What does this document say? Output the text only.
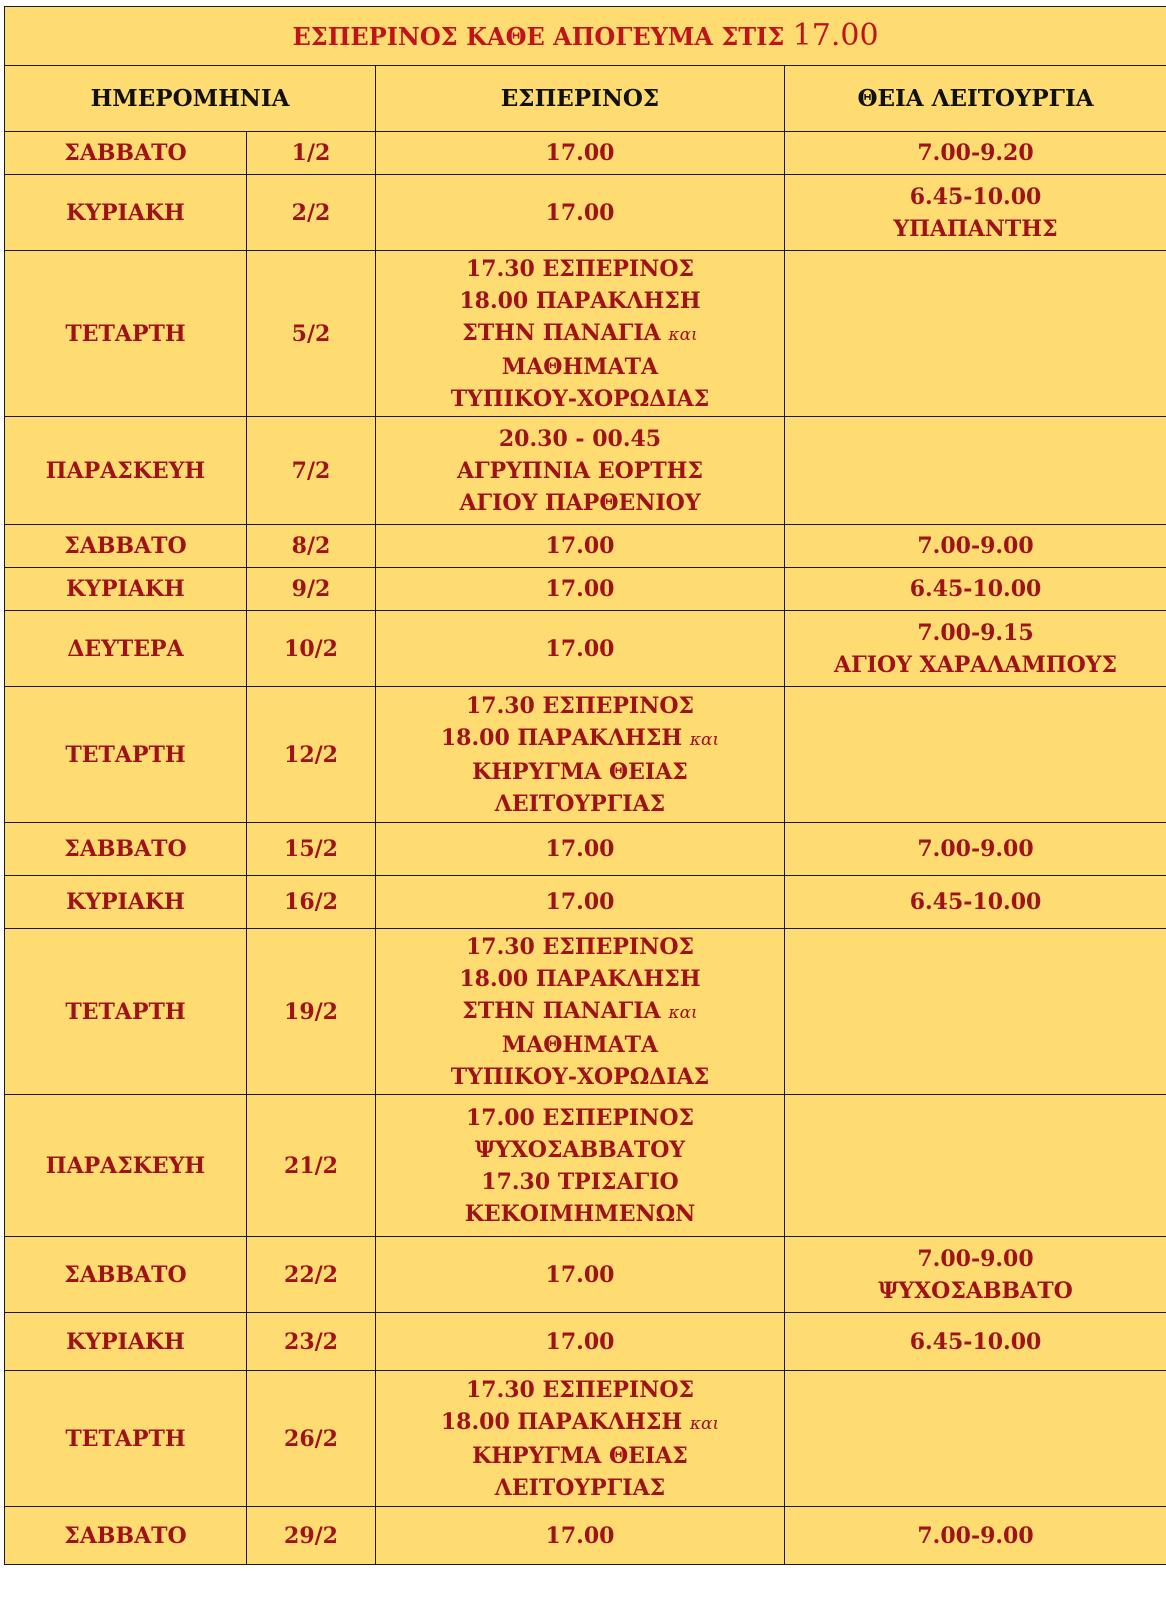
ΕΣΠΕΡΙΝΟΣ ΚΑΘΕ ΑΠΟΓΕΥΜΑ ΣΤΙΣ 17.00			
ΗΜΕΡΟΜΗΝΙΑ		ΕΣΠΕΡΙΝΟΣ	ΘΕΙΑ ΛΕΙΤΟΥΡΓΙΑ
ΣΑΒΒΑΤΟ	1/2	17.00	7.00-9.20

ΚΥΡΙΑΚΗ	2/2	17.00	6.45-10.00
ΥΠΑΠΑΝΤΗΣ

ΤΕΤΑΡΤΗ	5/2	17.30 ΕΣΠΕΡΙΝΟΣ
18.00 ΠΑΡΑΚΛΗΣΗ
ΣΤΗΝ ΠΑΝΑΓΙΑ και
ΜΑΘΗΜΑΤΑ
ΤΥΠΙΚΟΥ-ΧΟΡΩΔΙΑΣ	

ΠΑΡΑΣΚΕΥΗ	7/2	20.30 - 00.45
ΑΓΡΥΠΝΙΑ ΕΟΡΤΗΣ
ΑΓΙΟΥ ΠΑΡΘΕΝΙΟΥ	

ΣΑΒΒΑΤΟ	8/2	17.00	7.00-9.00

ΚΥΡΙΑΚΗ	9/2	17.00	6.45-10.00

ΔΕΥΤΕΡΑ	10/2	17.00	7.00-9.15
ΑΓΙΟΥ ΧΑΡΑΛΑΜΠΟΥΣ

ΤΕΤΑΡΤΗ	12/2	17.30 ΕΣΠΕΡΙΝΟΣ
18.00 ΠΑΡΑΚΛΗΣΗ και
ΚΗΡΥΓΜΑ ΘΕΙΑΣ
ΛΕΙΤΟΥΡΓΙΑΣ	

ΣΑΒΒΑΤΟ	15/2	17.00	7.00-9.00

ΚΥΡΙΑΚΗ	16/2	17.00	6.45-10.00

ΤΕΤΑΡΤΗ	19/2	17.30 ΕΣΠΕΡΙΝΟΣ
18.00 ΠΑΡΑΚΛΗΣΗ
ΣΤΗΝ ΠΑΝΑΓΙΑ και
ΜΑΘΗΜΑΤΑ
ΤΥΠΙΚΟΥ-ΧΟΡΩΔΙΑΣ	

ΠΑΡΑΣΚΕΥΗ	21/2	17.00 ΕΣΠΕΡΙΝΟΣ
ΨΥΧΟΣΑΒΒΑΤΟΥ
17.30 ΤΡΙΣΑΓΙΟ
ΚΕΚΟΙΜΗΜΕΝΩΝ	

ΣΑΒΒΑΤΟ	22/2	17.00	7.00-9.00
ΨΥΧΟΣΑΒΒΑΤΟ

ΚΥΡΙΑΚΗ	23/2	17.00	6.45-10.00

ΤΕΤΑΡΤΗ	26/2	17.30 ΕΣΠΕΡΙΝΟΣ
18.00 ΠΑΡΑΚΛΗΣΗ και
ΚΗΡΥΓΜΑ ΘΕΙΑΣ
ΛΕΙΤΟΥΡΓΙΑΣ	

ΣΑΒΒΑΤΟ	29/2	17.00	7.00-9.00
